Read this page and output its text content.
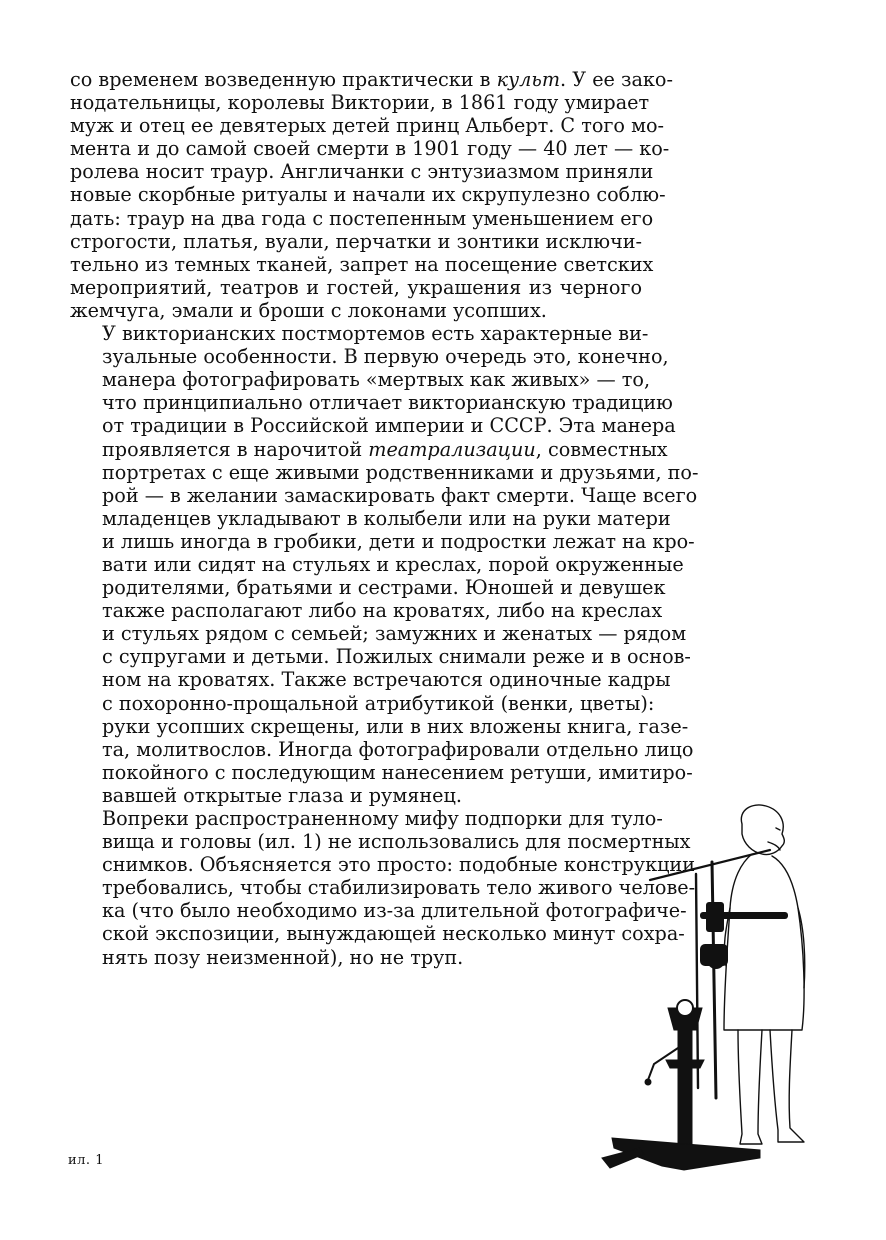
со временем возведенную практически в культ. У ее зако-
нодательницы, королевы Виктории, в 1861 году умирает
муж и отец ее девятерых детей принц Альберт. С того мо-
мента и до самой своей смерти в 1901 году — 40 лет — ко-
ролева носит траур. Англичанки с энтузиазмом приняли
новые скорбные ритуалы и начали их скрупулезно соблю-
дать: траур на два года с постепенным уменьшением его
строгости, платья, вуали, перчатки и зонтики исключи-
тельно из темных тканей, запрет на посещение светских
мероприятий, театров и гостей, украшения из черного
жемчуга, эмали и броши с локонами усопших.

У викторианских постмортемов есть характерные ви-
зуальные особенности. В первую очередь это, конечно,
манера фотографировать «мертвых как живых» — то,
что принципиально отличает викторианскую традицию
от традиции в Российской империи и СССР. Эта манера
проявляется в нарочитой театрализации, совместных
портретах с еще живыми родственниками и друзьями, по-
рой — в желании замаскировать факт смерти. Чаще всего
младенцев укладывают в колыбели или на руки матери
и лишь иногда в гробики, дети и подростки лежат на кро-
вати или сидят на стульях и креслах, порой окруженные
родителями, братьями и сестрами. Юношей и девушек
также располагают либо на кроватях, либо на креслах
и стульях рядом с семьей; замужних и женатых — рядом
с супругами и детьми. Пожилых снимали реже и в основ-
ном на кроватях. Также встречаются одиночные кадры
с похоронно-прощальной атрибутикой (венки, цветы):
руки усопших скрещены, или в них вложены книга, газе-
та, молитвослов. Иногда фотографировали отдельно лицо
покойного с последующим нанесением ретуши, имитиро-
вавшей открытые глаза и румянец.

Вопреки распространенному мифу подпорки для туло-
вища и головы (ил. 1) не использовались для посмертных
снимков. Объясняется это просто: подобные конструкции
требовались, чтобы стабилизировать тело живого челове-
ка (что было необходимо из-за длительной фотографиче-
ской экспозиции, вынуждающей несколько минут сохра-
нять позу неизменной), но не труп.

ил. 1
